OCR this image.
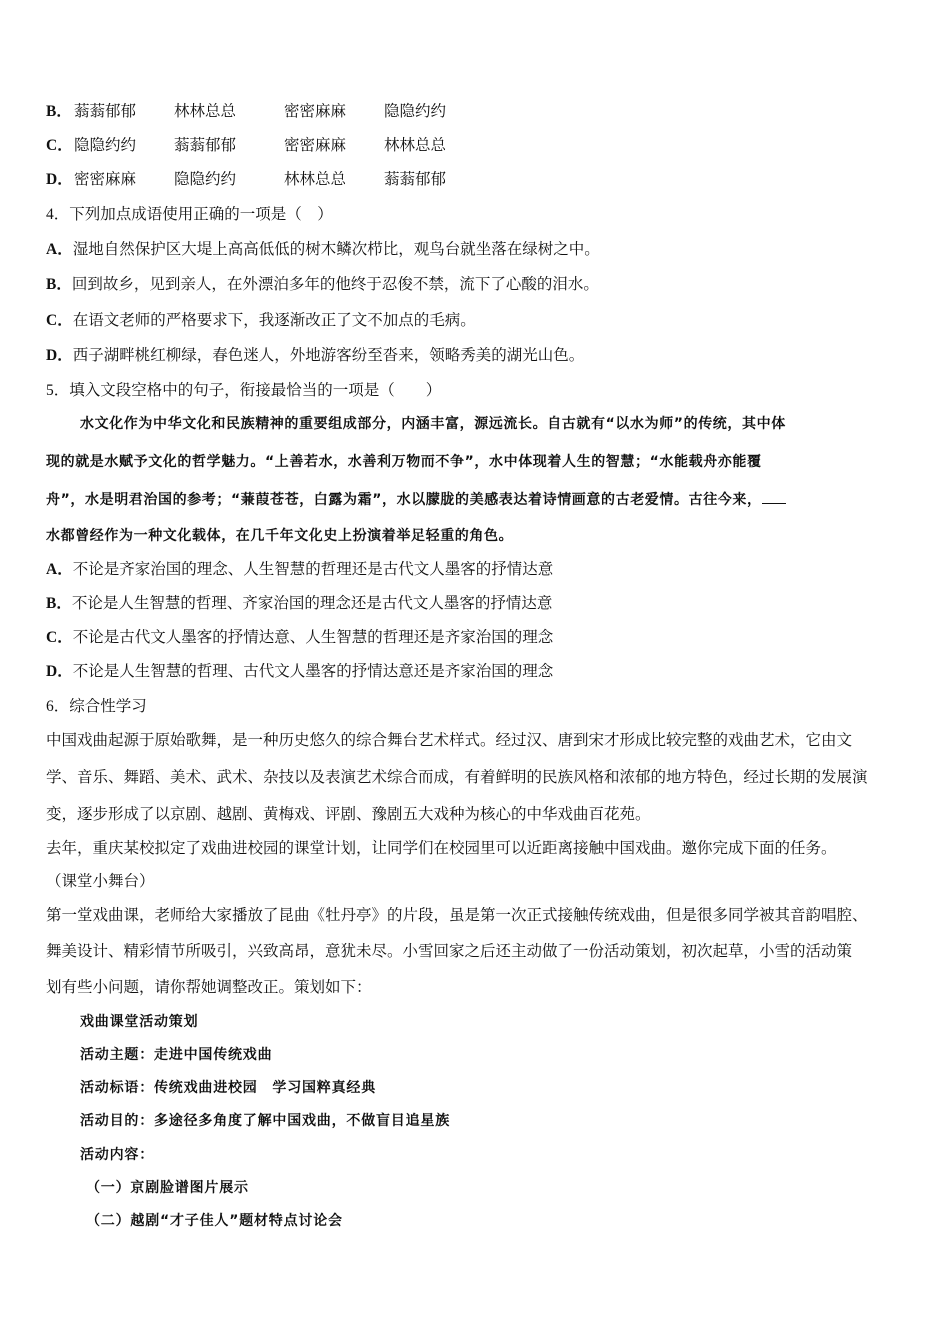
B． 蓊蓊郁郁 林林总总	密密麻麻 隐隐约约
C． 隐隐约约 蓊蓊郁郁	密密麻麻 林林总总
D． 密密麻麻 隐隐约约	林林总总 蓊蓊郁郁
4．下列加点成语使用正确的一项是（　）
A．湿地自然保护区大堤上高高低低的树木鳞次栉比，观鸟台就坐落在绿树之中。
B．回到故乡，见到亲人，在外漂泊多年的他终于忍俊不禁，流下了心酸的泪水。
C．在语文老师的严格要求下，我逐渐改正了文不加点的毛病。
D．西子湖畔桃红柳绿，春色迷人，外地游客纷至沓来，领略秀美的湖光山色。
5．填入文段空格中的句子，衔接最恰当的一项是（　　）
水文化作为中华文化和民族精神的重要组成部分，内涵丰富，源远流长。自古就有“以水为师”的传统，其中体
现的就是水赋予文化的哲学魅力。“上善若水，水善利万物而不争”，水中体现着人生的智慧；“水能载舟亦能覆
舟”，水是明君治国的参考；“蒹葭苍苍，白露为霜”，水以朦胧的美感表达着诗情画意的古老爱情。古往今来，
水都曾经作为一种文化载体，在几千年文化史上扮演着举足轻重的角色。
A．不论是齐家治国的理念、人生智慧的哲理还是古代文人墨客的抒情达意
B．不论是人生智慧的哲理、齐家治国的理念还是古代文人墨客的抒情达意
C．不论是古代文人墨客的抒情达意、人生智慧的哲理还是齐家治国的理念
D．不论是人生智慧的哲理、古代文人墨客的抒情达意还是齐家治国的理念
6．综合性学习
中国戏曲起源于原始歌舞，是一种历史悠久的综合舞台艺术样式。经过汉、唐到宋才形成比较完整的戏曲艺术，它由文
学、音乐、舞蹈、美术、武术、杂技以及表演艺术综合而成，有着鲜明的民族风格和浓郁的地方特色，经过长期的发展演
变，逐步形成了以京剧、越剧、黄梅戏、评剧、豫剧五大戏种为核心的中华戏曲百花苑。
去年，重庆某校拟定了戏曲进校园的课堂计划，让同学们在校园里可以近距离接触中国戏曲。邀你完成下面的任务。
（课堂小舞台）
第一堂戏曲课，老师给大家播放了昆曲《牡丹亭》的片段，虽是第一次正式接触传统戏曲，但是很多同学被其音韵唱腔、
舞美设计、精彩情节所吸引，兴致高昂，意犹未尽。小雪回家之后还主动做了一份活动策划，初次起草，小雪的活动策
划有些小问题，请你帮她调整改正。策划如下：
戏曲课堂活动策划
活动主题：走进中国传统戏曲
活动标语：传统戏曲进校园　学习国粹真经典
活动目的：多途径多角度了解中国戏曲，不做盲目追星族
活动内容：
（一）京剧脸谱图片展示
（二）越剧“才子佳人”题材特点讨论会
